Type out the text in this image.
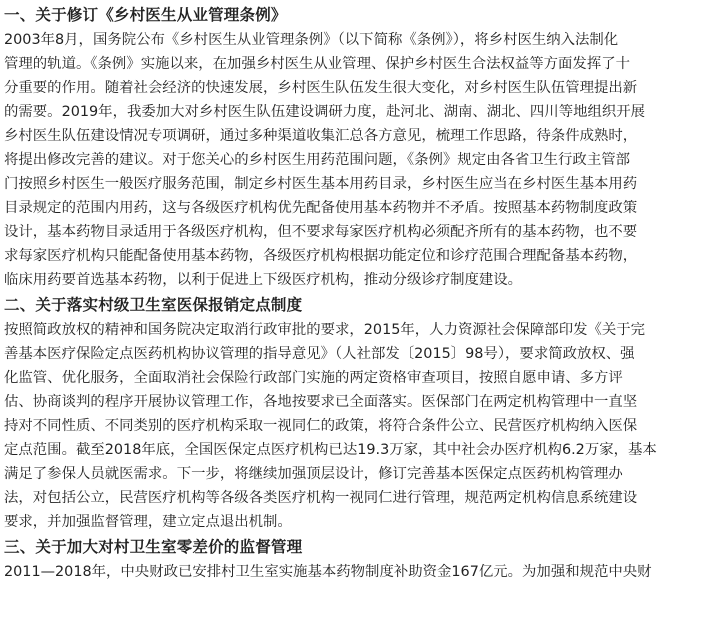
一、关于修订《乡村医生从业管理条例》
2003年8月，国务院公布《乡村医生从业管理条例》（以下简称《条例》），将乡村医生纳入法制化
管理的轨道。《条例》实施以来，在加强乡村医生从业管理、保护乡村医生合法权益等方面发挥了十
分重要的作用。随着社会经济的快速发展，乡村医生队伍发生很大变化，对乡村医生队伍管理提出新
的需要。2019年，我委加大对乡村医生队伍建设调研力度，赴河北、湖南、湖北、四川等地组织开展
乡村医生队伍建设情况专项调研，通过多种渠道收集汇总各方意见，梳理工作思路，待条件成熟时，
将提出修改完善的建议。对于您关心的乡村医生用药范围问题，《条例》规定由各省卫生行政主管部
门按照乡村医生一般医疗服务范围，制定乡村医生基本用药目录，乡村医生应当在乡村医生基本用药
目录规定的范围内用药，这与各级医疗机构优先配备使用基本药物并不矛盾。按照基本药物制度政策
设计，基本药物目录适用于各级医疗机构，但不要求每家医疗机构必须配齐所有的基本药物，也不要
求每家医疗机构只能配备使用基本药物，各级医疗机构根据功能定位和诊疗范围合理配备基本药物，
临床用药要首选基本药物，以利于促进上下级医疗机构，推动分级诊疗制度建设。
二、关于落实村级卫生室医保报销定点制度
按照简政放权的精神和国务院决定取消行政审批的要求，2015年，人力资源社会保障部印发《关于完
善基本医疗保险定点医药机构协议管理的指导意见》（人社部发〔2015〕98号），要求简政放权、强
化监管、优化服务，全面取消社会保险行政部门实施的两定资格审查项目，按照自愿申请、多方评
估、协商谈判的程序开展协议管理工作，各地按要求已全面落实。医保部门在两定机构管理中一直坚
持对不同性质、不同类别的医疗机构采取一视同仁的政策，将符合条件公立、民营医疗机构纳入医保
定点范围。截至2018年底，全国医保定点医疗机构已达19.3万家，其中社会办医疗机构6.2万家，基本
满足了参保人员就医需求。下一步，将继续加强顶层设计，修订完善基本医保定点医药机构管理办
法，对包括公立，民营医疗机构等各级各类医疗机构一视同仁进行管理，规范两定机构信息系统建设
要求，并加强监督管理，建立定点退出机制。
三、关于加大对村卫生室零差价的监督管理
2011—2018年，中央财政已安排村卫生室实施基本药物制度补助资金167亿元。为加强和规范中央财
